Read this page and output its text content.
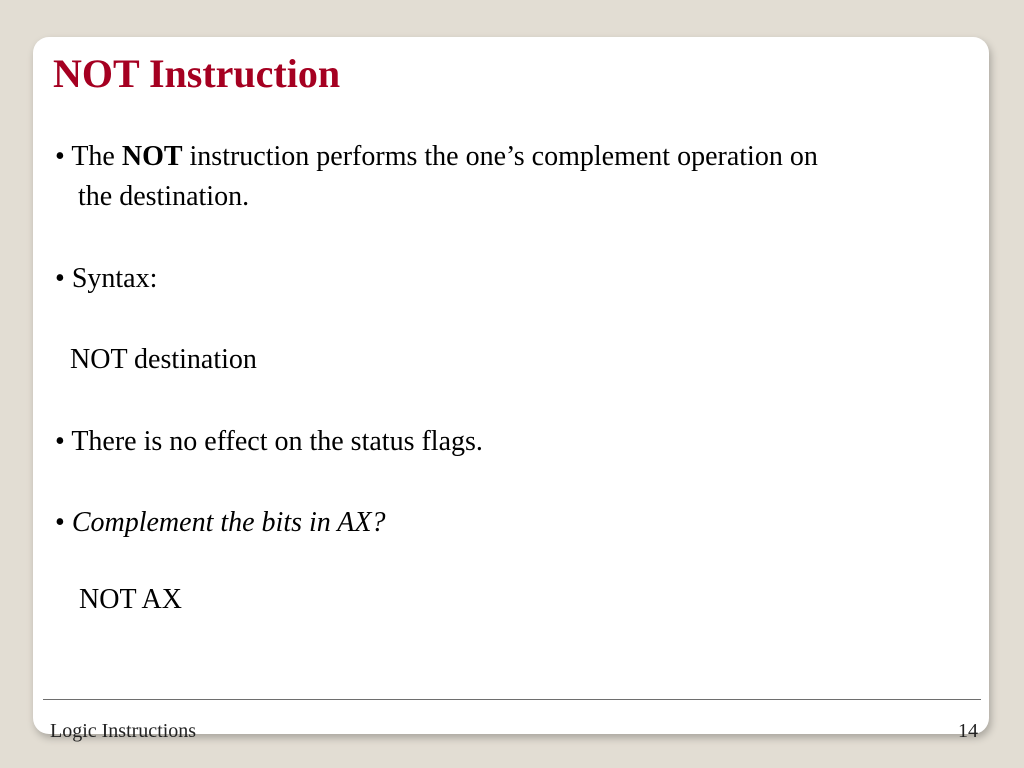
NOT Instruction
• The NOT instruction performs the one’s complement operation on
the destination.
• Syntax:
NOT destination
• There is no effect on the status flags.
• Complement the bits in AX?
NOT AX
Logic Instructions	14
